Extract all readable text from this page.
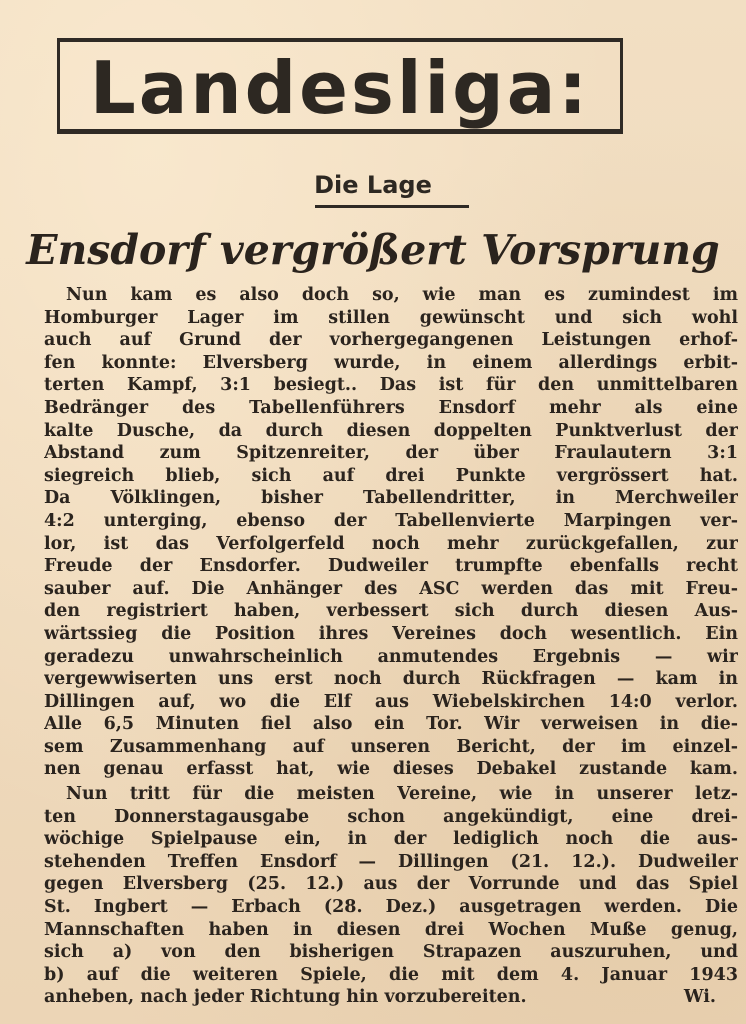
Landesliga:
Die Lage
Ensdorf vergrößert Vorsprung
Nun kam es also doch so, wie man es zumindest im
Homburger Lager im stillen gewünscht und sich wohl
auch auf Grund der vorhergegangenen Leistungen erhof-
fen konnte: Elversberg wurde, in einem allerdings erbit-
terten Kampf, 3:1 besiegt.. Das ist für den unmittelbaren
Bedränger des Tabellenführers Ensdorf mehr als eine
kalte Dusche, da durch diesen doppelten Punktverlust der
Abstand zum Spitzenreiter, der über Fraulautern 3:1
siegreich blieb, sich auf drei Punkte vergrössert hat.
Da Völklingen, bisher Tabellendritter, in Merchweiler
4:2 unterging, ebenso der Tabellenvierte Marpingen ver-
lor, ist das Verfolgerfeld noch mehr zurückgefallen, zur
Freude der Ensdorfer. Dudweiler trumpfte ebenfalls recht
sauber auf. Die Anhänger des ASC werden das mit Freu-
den registriert haben, verbessert sich durch diesen Aus-
wärtssieg die Position ihres Vereines doch wesentlich. Ein
geradezu unwahrscheinlich anmutendes Ergebnis — wir
vergewwiserten uns erst noch durch Rückfragen — kam in
Dillingen auf, wo die Elf aus Wiebelskirchen 14:0 verlor.
Alle 6,5 Minuten fiel also ein Tor. Wir verweisen in die-
sem Zusammenhang auf unseren Bericht, der im einzel-
nen genau erfasst hat, wie dieses Debakel zustande kam.
Nun tritt für die meisten Vereine, wie in unserer letz-
ten Donnerstagausgabe schon angekündigt, eine drei-
wöchige Spielpause ein, in der lediglich noch die aus-
stehenden Treffen Ensdorf — Dillingen (21. 12.). Dudweiler
gegen Elversberg (25. 12.) aus der Vorrunde und das Spiel
St. Ingbert — Erbach (28. Dez.) ausgetragen werden. Die
Mannschaften haben in diesen drei Wochen Muße genug,
sich a) von den bisherigen Strapazen auszuruhen, und
b) auf die weiteren Spiele, die mit dem 4. Januar 1943
anheben, nach jeder Richtung hin vorzubereiten.	Wi.
